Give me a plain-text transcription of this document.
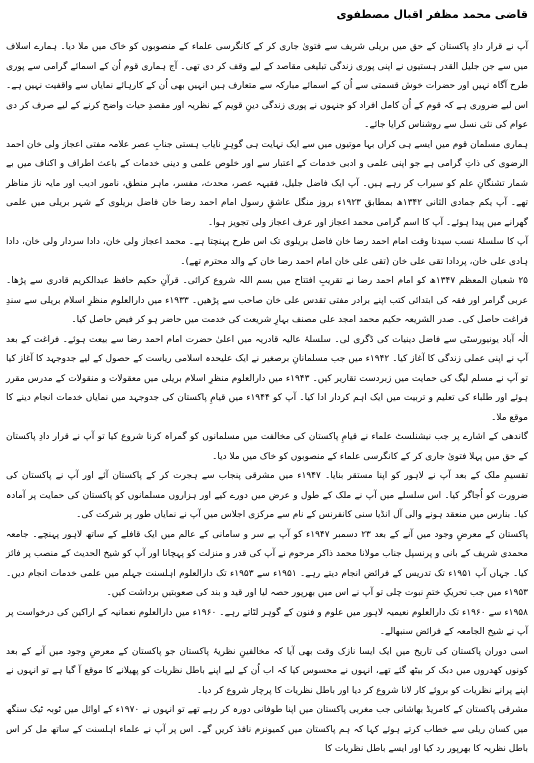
قاضی محمد مظفر اقبال مصطفوی

آپ نے قرار دادِ پاکستان کے حق میں بریلی شریف سے فتویٰ جاری کر کے کانگرسی علماء کے منصوبوں کو خاک میں ملا دیا۔ ہمارے اسلاف میں سے جن جلیل القدر ہستیوں نے اپنی پوری زندگی تبلیغی مقاصد کے لیے وقف کر دی تھی۔ آج ہماری قوم اُن کے اسمائے گرامی سے پوری طرح آگاہ نہیں اور حضرات خوش قسمتی سے اُن کے اسمائے مبارکہ سے متعارف ہیں انہیں بھی اُن کے کارہائے نمایاں سے واقفیت نہیں ہے۔ اس لیے ضروری ہے کہ قوم کے اُن کامل افراد کو جنہوں نے پوری زندگی دینِ قویم کے نظریہ اور مقصدِ حیات واضح کرنے کے لیے صرف کر دی عوام کی نئی نسل سے روشناس کرایا جائے۔

ہماری مسلمان قوم میں ایسے ہی کراں بہا موتیوں میں سے ایک نہایت ہی گوہرِ نایاب ہستی جنابِ عصر علامہ مفتی اعجاز ولی خان احمد الرضوی کی ذاتِ گرامی ہے جو اپنی علمی و ادبی خدمات کے اعتبار سے اور خلوص علمی و دینی خدمات کے باعث اطراف و اکناف میں بے شمار تشنگانِ علم کو سیراب کر رہے ہیں۔ آپ ایک فاضل جلیل، فقیہہ عصر، محدث، مفسر، ماہر منطق، نامور ادیب اور مایہ ناز مناظر تھے۔ آپ یکم جمادی الثانی ۱۳۴۲ھ بمطابق ۱۹۲۳ء بروز منگل عاشقِ رسول امام احمد رضا خان فاضل بریلوی کے شہر بریلی میں علمی گھرانے میں پیدا ہوئے۔ آپ کا اسم گرامی محمد اعجاز اور عرف اعجاز ولی تجویز ہوا۔

آپ کا سلسلۂ نسب سیدنا وقت امام احمد رضا خان فاضل بریلوی تک اس طرح پہنچتا ہے۔ محمد اعجاز ولی خان، دادا سردار ولی خان، دادا ہادی علی خان، پردادا تقی علی خان (تقی علی خان امام احمد رضا خان کے والد محترم تھے)۔

۲۵ شعبان المعظم ۱۳۴۷ھ کو امام احمد رضا نے تقریبِ افتتاح میں بسم اللہ شروع کرائی۔ قرآنِ حکیم حافظ عبدالکریم قادری سے پڑھا۔ عربی گرامر اور فقہ کی ابتدائی کتب اپنے برادر مفتی تقدس علی خان صاحب سے پڑھیں۔ ۱۹۳۳ء میں دارالعلوم منظرِ اسلام بریلی سے سندِ فراغت حاصل کی۔ صدر الشریعہ حکیم محمد امجد علی مصنف بہارِ شریعت کی خدمت میں حاضر ہو کر فیض حاصل کیا۔

الٰہ آباد یونیورسٹی سے فاضل دینیات کی ڈگری لی۔ سلسلۂ عالیہ قادریہ میں اعلیٰ حضرت امام احمد رضا سے بیعت ہوئے۔ فراغت کے بعد آپ نے اپنی عملی زندگی کا آغاز کیا۔ ۱۹۴۲ء میں جب مسلمانانِ برصغیر نے ایک علیحدہ اسلامی ریاست کے حصول کے لیے جدوجہد کا آغاز کیا تو آپ نے مسلم لیگ کی حمایت میں زبردست تقاریر کیں۔ ۱۹۴۳ء میں دارالعلوم منظرِ اسلام بریلی میں معقولات و منقولات کے مدرس مقرر ہوئے اور طلباء کی تعلیم و تربیت میں ایک اہم کردار ادا کیا۔ آپ کو ۱۹۴۴ء میں قیامِ پاکستان کی جدوجہد میں نمایاں خدمات انجام دینے کا موقع ملا۔

گاندھی کے اشارے پر جب نیشنلسٹ علماء نے قیامِ پاکستان کی مخالفت میں مسلمانوں کو گمراہ کرنا شروع کیا تو آپ نے قرار دادِ پاکستان کے حق میں پہلا فتویٰ جاری کر کے کانگرسی علماء کے منصوبوں کو خاک میں ملا دیا۔

تقسیمِ ملک کے بعد آپ نے لاہور کو اپنا مستقر بنایا۔ ۱۹۴۷ء میں مشرقی پنجاب سے ہجرت کر کے پاکستان آئے اور آپ نے پاکستان کی ضرورت کو اُجاگر کیا۔ اس سلسلے میں آپ نے ملک کے طول و عرض میں دورے کیے اور ہزاروں مسلمانوں کو پاکستان کی حمایت پر آمادہ کیا۔ بنارس میں منعقد ہونے والی آل انڈیا سنی کانفرنس کے نام سے مرکزی اجلاس میں آپ نے نمایاں طور پر شرکت کی۔

پاکستان کے معرضِ وجود میں آنے کے بعد ۲۳ دسمبر ۱۹۴۷ء کو آپ بے سر و سامانی کے عالم میں ایک قافلے کے ساتھ لاہور پہنچے۔ جامعہ محمدی شریف کے بانی و پرنسپل جناب مولانا محمد ذاکر مرحوم نے آپ کی قدر و منزلت کو پہچانا اور آپ کو شیخ الحدیث کے منصب پر فائز کیا۔ جہاں آپ ۱۹۵۱ء تک تدریس کے فرائض انجام دیتے رہے۔ ۱۹۵۱ء سے ۱۹۵۳ء تک دارالعلوم اہلسنت جہلم میں علمی خدمات انجام دیں۔ ۱۹۵۳ء میں جب تحریکِ ختمِ نبوت چلی تو آپ نے اس میں بھرپور حصہ لیا اور قید و بند کی صعوبتیں برداشت کیں۔

۱۹۵۸ء سے ۱۹۶۰ء تک دارالعلوم نعیمیہ لاہور میں علوم و فنون کے گوہر لٹاتے رہے۔ ۱۹۶۰ء میں دارالعلوم نعمانیہ کے اراکین کی درخواست پر آپ نے شیخ الجامعہ کے فرائض سنبھالے۔

اسی دوران پاکستان کی تاریخ میں ایک ایسا نازک وقت بھی آیا کہ مخالفینِ نظریۂ پاکستان جو پاکستان کے معرضِ وجود میں آنے کے بعد کونوں کھدروں میں دبک کر بیٹھ گئے تھے، انہوں نے محسوس کیا کہ اب اُن کے لیے اپنے باطل نظریات کو پھیلانے کا موقع آ گیا ہے تو انہوں نے اپنے پرانے نظریات کو بروئے کار لانا شروع کر دیا اور باطل نظریات کا پرچار شروع کر دیا۔

مشرقی پاکستان کے کامریڈ بھاشانی جب مغربی پاکستان میں اپنا طوفانی دورہ کر رہے تھے تو انہوں نے ۱۹۷۰ء کے اوائل میں ٹوبہ ٹیک سنگھ میں کسان ریلی سے خطاب کرتے ہوئے کہا کہ ہم پاکستان میں کمیونزم نافذ کریں گے۔ اس پر آپ نے علماء اہلسنت کے ساتھ مل کر اس باطل نظریہ کا بھرپور رد کیا اور ایسے باطل نظریات کا
